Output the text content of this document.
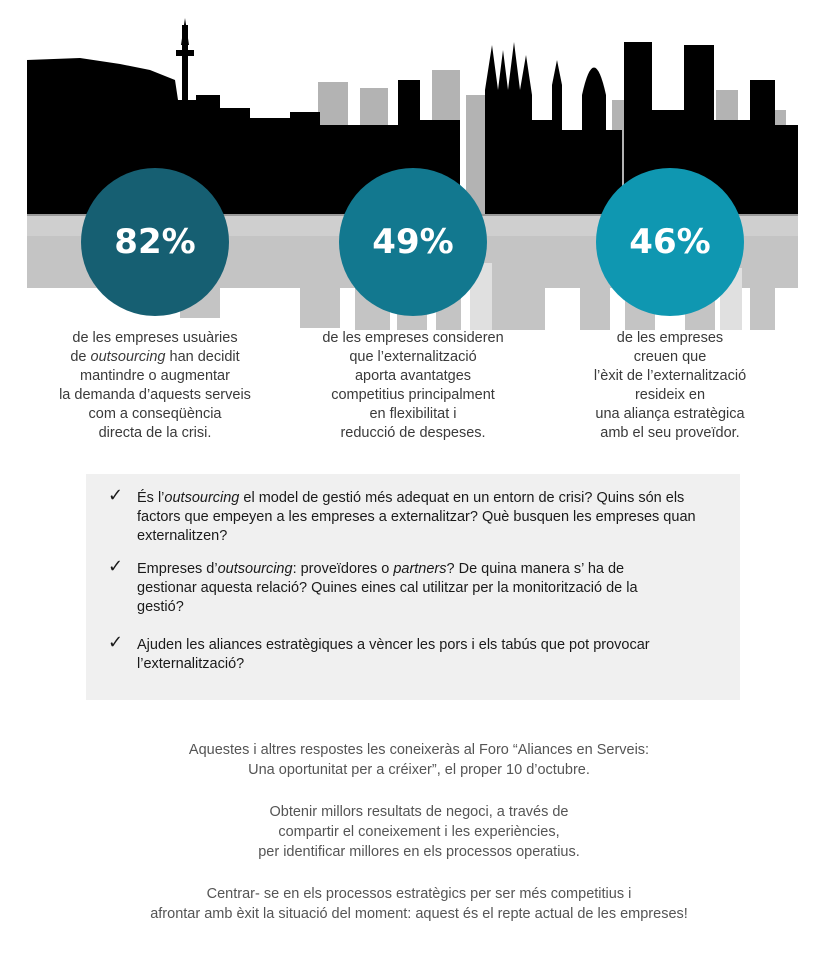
82%	49%	46%
de les empreses usuàries
de outsourcing han decidit
mantindre o augmentar
la demanda d’aquests serveis
com a conseqüència
directa de la crisi.
de les empreses consideren
que l’externalització
aporta avantatges
competitius principalment
en flexibilitat i
reducció de despeses.
de les empreses
creuen que
l’èxit de l’externalització
resideix en
una aliança estratègica
amb el seu proveïdor.
✓ És l’outsourcing el model de gestió més adequat en un entorn de crisi? Quins són els
factors que empeyen a les empreses a externalitzar? Què busquen les empreses quan
externalitzen?
✓ Empreses d’outsourcing: proveïdores o partners? De quina manera s’ ha de
gestionar aquesta relació? Quines eines cal utilitzar per la monitorització de la
gestió?
✓ Ajuden les aliances estratègiques a vèncer les pors i els tabús que pot provocar
l’externalització?
Aquestes i altres respostes les coneixeràs al Foro “Aliances en Serveis:
Una oportunitat per a créixer”, el proper 10 d’octubre.
Obtenir millors resultats de negoci, a través de
compartir el coneixement i les experiències,
per identificar millores en els processos operatius.
Centrar- se en els processos estratègics per ser més competitius i
afrontar amb èxit la situació del moment: aquest és el repte actual de les empreses!
